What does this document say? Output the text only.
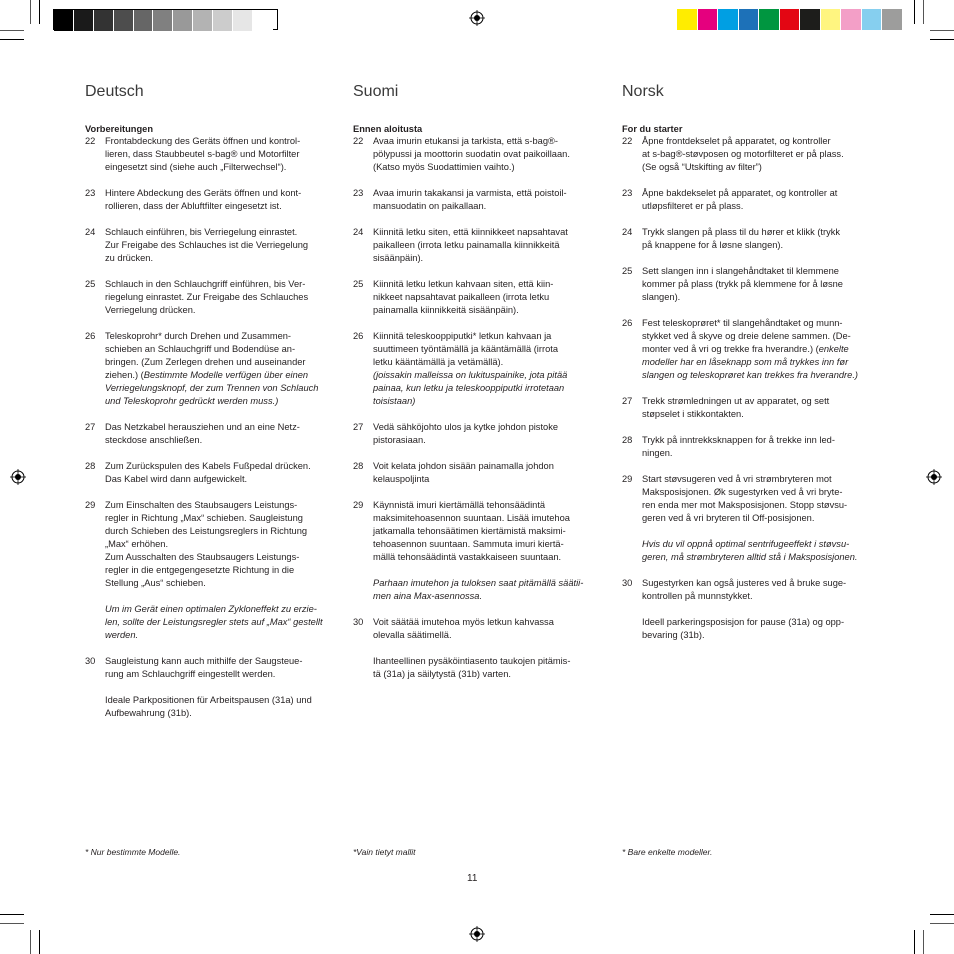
Deutsch
Vorbereitungen
22 Frontabdeckung des Geräts öffnen und kontrol-
lieren, dass Staubbeutel s-bag® und Motorfilter
eingesetzt sind (siehe auch „Filterwechsel“).

23 Hintere Abdeckung des Geräts öffnen und kont-
rollieren, dass der Abluftfilter eingesetzt ist.

24 Schlauch einführen, bis Verriegelung einrastet.
Zur Freigabe des Schlauches ist die Verriegelung
zu drücken.

25 Schlauch in den Schlauchgriff einführen, bis Ver-
riegelung einrastet. Zur Freigabe des Schlauches
Verriegelung drücken.

26 Teleskoprohr* durch Drehen und Zusammen-
schieben an Schlauchgriff und Bodendüse an-
bringen. (Zum Zerlegen drehen und auseinander
ziehen.) (Bestimmte Modelle verfügen über einen
Verriegelungsknopf, der zum Trennen von Schlauch
und Teleskoprohr gedrückt werden muss.)

27 Das Netzkabel herausziehen und an eine Netz-
steckdose anschließen.

28 Zum Zurückspulen des Kabels Fußpedal drücken.
Das Kabel wird dann aufgewickelt.

29 Zum Einschalten des Staubsaugers Leistungs-
regler in Richtung „Max“ schieben. Saugleistung
durch Schieben des Leistungsreglers in Richtung
„Max“ erhöhen.
Zum Ausschalten des Staubsaugers Leistungs-
regler in die entgegengesetzte Richtung in die
Stellung „Aus“ schieben.
Um im Gerät einen optimalen Zykloneffekt zu erzie-
len, sollte der Leistungsregler stets auf „Max“ gestellt
werden.

30 Saugleistung kann auch mithilfe der Saugsteue-
rung am Schlauchgriff eingestellt werden.
Ideale Parkpositionen für Arbeitspausen (31a) und
Aufbewahrung (31b).

Suomi
Ennen aloitusta
22 Avaa imurin etukansi ja tarkista, että s-bag®-
pölypussi ja moottorin suodatin ovat paikoillaan.
(Katso myös Suodattimien vaihto.)

23 Avaa imurin takakansi ja varmista, että poistoil-
mansuodatin on paikallaan.

24 Kiinnitä letku siten, että kiinnikkeet napsahtavat
paikalleen (irrota letku painamalla kiinnikkeitä
sisäänpäin).

25 Kiinnitä letku letkun kahvaan siten, että kiin-
nikkeet napsahtavat paikalleen (irrota letku
painamalla kiinnikkeitä sisäänpäin).

26 Kiinnitä teleskooppiputki* letkun kahvaan ja
suuttimeen työntämällä ja kääntämällä (irrota
letku kääntämällä ja vetämällä).
(joissakin malleissa on lukituspainike, jota pitää
painaa, kun letku ja teleskooppiputki irrotetaan
toisistaan)

27 Vedä sähköjohto ulos ja kytke johdon pistoke
pistorasiaan.

28 Voit kelata johdon sisään painamalla johdon
kelauspoljinta

29 Käynnistä imuri kiertämällä tehonsäädintä
maksimitehoasennon suuntaan. Lisää imutehoa
jatkamalla tehonsäätimen kiertämistä maksimi-
tehoasennon suuntaan. Sammuta imuri kiertä-
mällä tehonsäädintä vastakkaiseen suuntaan.
Parhaan imutehon ja tuloksen saat pitämällä säätii-
men aina Max-asennossa.

30 Voit säätää imutehoa myös letkun kahvassa
olevalla säätimellä.
Ihanteellinen pysäköintiasento taukojen pitämis-
tä (31a) ja säilytystä (31b) varten.

Norsk
For du starter
22 Åpne frontdekselet på apparatet, og kontroller
at s-bag®-støvposen og motorfilteret er på plass.
(Se også “Utskifting av filter”)

23 Åpne bakdekselet på apparatet, og kontroller at
utløpsfilteret er på plass.

24 Trykk slangen på plass til du hører et klikk (trykk
på knappene for å løsne slangen).

25 Sett slangen inn i slangehåndtaket til klemmene
kommer på plass (trykk på klemmene for å løsne
slangen).

26 Fest teleskoprøret* til slangehåndtaket og munn-
stykket ved å skyve og dreie delene sammen. (De-
monter ved å vri og trekke fra hverandre.) (enkelte
modeller har en låseknapp som må trykkes inn før
slangen og teleskoprøret kan trekkes fra hverandre.)

27 Trekk strømledningen ut av apparatet, og sett
støpselet i stikkontakten.

28 Trykk på inntrekksknappen for å trekke inn led-
ningen.

29 Start støvsugeren ved å vri strømbryteren mot
Maksposisjonen. Øk sugestyrken ved å vri bryte-
ren enda mer mot Maksposisjonen. Stopp støvsu-
geren ved å vri bryteren til Off-posisjonen.
Hvis du vil oppnå optimal sentrifugeeffekt i støvsu-
geren, må strømbryteren alltid stå i Maksposisjonen.

30 Sugestyrken kan også justeres ved å bruke suge-
kontrollen på munnstykket.
Ideell parkeringsposisjon for pause (31a) og opp-
bevaring (31b).

* Nur bestimmte Modelle.	*Vain tietyt mallit	* Bare enkelte modeller.
11
